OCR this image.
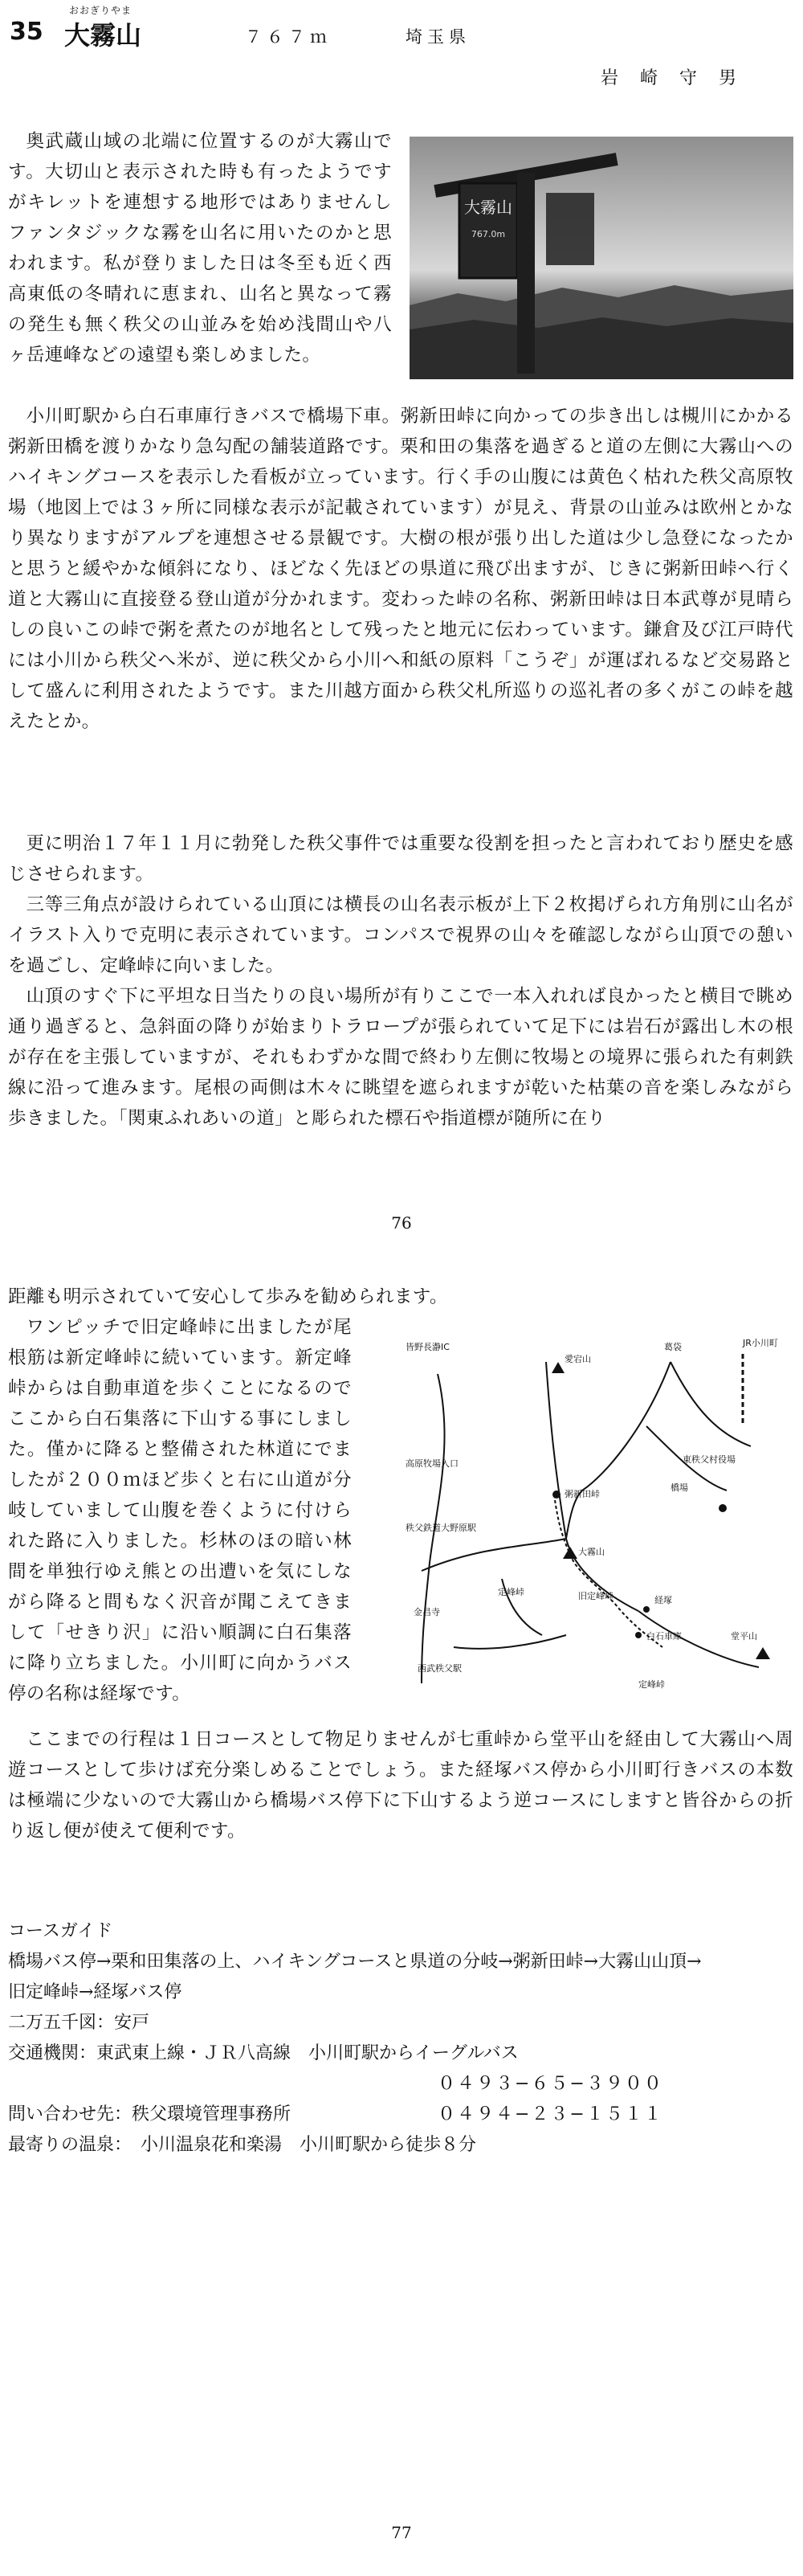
おおぎりやま
35 大霧山	７６７ｍ	埼玉県
岩 崎 守 男
大霧山
767.0m

奥武蔵山域の北端に位置するのが大霧山です。大切山と表示された時も有ったようですがキレットを連想する地形ではありませんしファンタジックな霧を山名に用いたのかと思われます。私が登りました日は冬至も近く西高東低の冬晴れに恵まれ、山名と異なって霧の発生も無く秩父の山並みを始め浅間山や八ヶ岳連峰などの遠望も楽しめました。

小川町駅から白石車庫行きバスで橋場下車。粥新田峠に向かっての歩き出しは槻川にかかる粥新田橋を渡りかなり急勾配の舗装道路です。栗和田の集落を過ぎると道の左側に大霧山へのハイキングコースを表示した看板が立っています。行く手の山腹には黄色く枯れた秩父高原牧場（地図上では３ヶ所に同様な表示が記載されています）が見え、背景の山並みは欧州とかなり異なりますがアルプを連想させる景観です。大樹の根が張り出した道は少し急登になったかと思うと緩やかな傾斜になり、ほどなく先ほどの県道に飛び出ますが、じきに粥新田峠へ行く道と大霧山に直接登る登山道が分かれます。変わった峠の名称、粥新田峠は日本武尊が見晴らしの良いこの峠で粥を煮たのが地名として残ったと地元に伝わっています。鎌倉及び江戸時代には小川から秩父へ米が、逆に秩父から小川へ和紙の原料「こうぞ」が運ばれるなど交易路として盛んに利用されたようです。また川越方面から秩父札所巡りの巡礼者の多くがこの峠を越えたとか。

更に明治１７年１１月に勃発した秩父事件では重要な役割を担ったと言われており歴史を感じさせられます。

三等三角点が設けられている山頂には横長の山名表示板が上下２枚掲げられ方角別に山名がイラスト入りで克明に表示されています。コンパスで視界の山々を確認しながら山頂での憩いを過ごし、定峰峠に向いました。

山頂のすぐ下に平坦な日当たりの良い場所が有りここで一本入れれば良かったと横目で眺め通り過ぎると、急斜面の降りが始まりトラロープが張られていて足下には岩石が露出し木の根が存在を主張していますが、それもわずかな間で終わり左側に牧場との境界に張られた有刺鉄線に沿って進みます。尾根の両側は木々に眺望を遮られますが乾いた枯葉の音を楽しみながら歩きました。「関東ふれあいの道」と彫られた標石や指道標が随所に在り

76

距離も明示されていて安心して歩みを勧められます。

ワンピッチで旧定峰峠に出ましたが尾根筋は新定峰峠に続いています。新定峰峠からは自動車道を歩くことになるのでここから白石集落に下山する事にしました。僅かに降ると整備された林道にでましたが２００ｍほど歩くと右に山道が分岐していまして山腹を巻くように付けられた路に入りました。杉林のほの暗い林間を単独行ゆえ熊との出遭いを気にしながら降ると間もなく沢音が聞こえてきまして「せきり沢」に沿い順調に白石集落に降り立ちました。小川町に向かうバス停の名称は経塚です。

皆野長瀞IC
愛宕山
葛袋	JR小川町
高原牧場入口	東秩父村役場
粥新田峠
橋場
秩父鉄道大野原駅
大霧山
経塚
旧定峰峠
定峰峠
白石車庫
金昌寺
西武秩父駅
堂平山
定峰峠

ここまでの行程は１日コースとして物足りませんが七重峠から堂平山を経由して大霧山へ周遊コースとして歩けば充分楽しめることでしょう。また経塚バス停から小川町行きバスの本数は極端に少ないので大霧山から橋場バス停下に下山するよう逆コースにしますと皆谷からの折り返し便が使えて便利です。

コースガイド
橋場バス停→栗和田集落の上、ハイキングコースと県道の分岐→粥新田峠→大霧山山頂→
旧定峰峠→経塚バス停
二万五千図：安戸
交通機関：東武東上線・ＪＲ八高線　小川町駅からイーグルバス
０４９３−６５−３９００
問い合わせ先：秩父環境管理事務所	０４９４−２３−１５１１
最寄りの温泉：　小川温泉花和楽湯　小川町駅から徒歩８分
77
